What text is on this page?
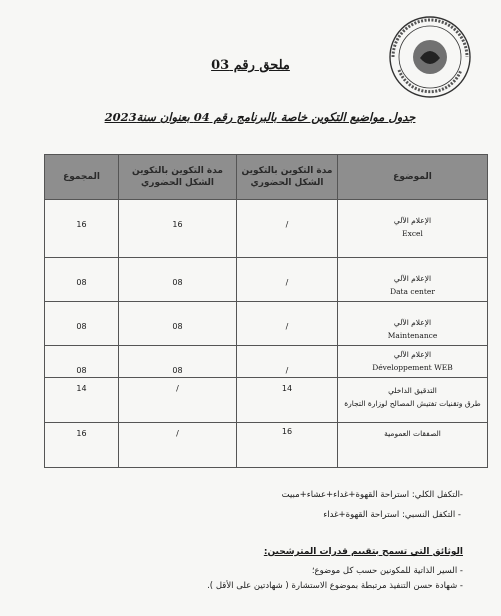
ملحق رقم 03
جدول مواضيع التكوين خاصة بالبرنامج رقم 04 بعنوان سنة2023
الموضوع	مدة التكوين بالتكوين الشكل الحضوري	مدة التكوين بالتكوين الشكل الحضوري	المجموع

الإعلام الآلي
Excel	/	16	16

الإعلام الآلي
Data center	/	08	08

الإعلام الآلي
Maintenance	/	08	08

الإعلام الآلي
Développement WEB	/	08	08

التدقيق الداخلي
طرق وتقنيات تفتيش المصالح لوزارة التجارة	14	/	14

الصفقات العمومية	16	/	16
-التكفل الكلي: استراحة القهوة+غداء+عشاء+مبيت
- التكفل النسبي: استراحة القهوة+غداء
الوثائق التي تسمح بتقييم قدرات المترشحين:
- السير الذاتية للمكونين حسب كل موضوع؛
- شهادة حسن التنفيذ مرتبطة بموضوع الاستشارة ( شهادتين على الأقل ).
